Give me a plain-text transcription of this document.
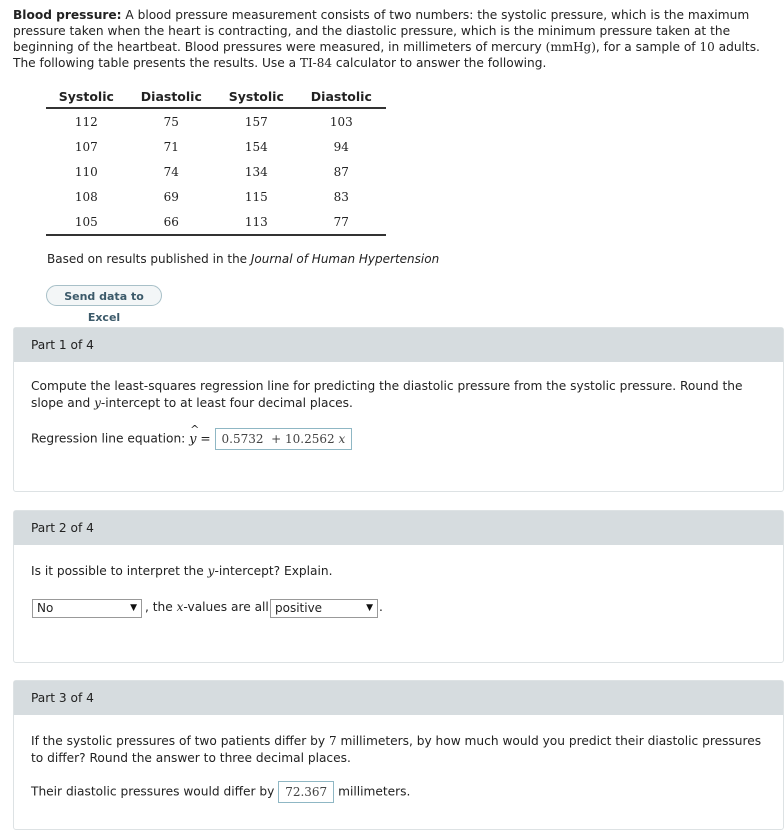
Blood pressure: A blood pressure measurement consists of two numbers: the systolic pressure, which is the maximum pressure taken when the heart is contracting, and the diastolic pressure, which is the minimum pressure taken at the beginning of the heartbeat. Blood pressures were measured, in millimeters of mercury (mmHg), for a sample of 10 adults. The following table presents the results. Use a TI-84 calculator to answer the following.
Systolic	Diastolic	Systolic	Diastolic
112	75	157	103
107	71	154	94
110	74	134	87
108	69	115	83
105	66	113	77
Based on results published in the Journal of Human Hypertension
Send data to Excel
Part 1 of 4
Compute the least-squares regression line for predicting the diastolic pressure from the systolic pressure. Round the slope and y-intercept to at least four decimal places.
Regression line equation:
^
y = 0.5732 + 10.2562 x
Part 2 of 4
Is it possible to interpret the y-intercept? Explain.
No	▼ , the x-values are all positive	▼ .
Part 3 of 4
If the systolic pressures of two patients differ by 7 millimeters, by how much would you predict their diastolic pressures to differ? Round the answer to three decimal places.
Their diastolic pressures would differ by 72.367 millimeters.
